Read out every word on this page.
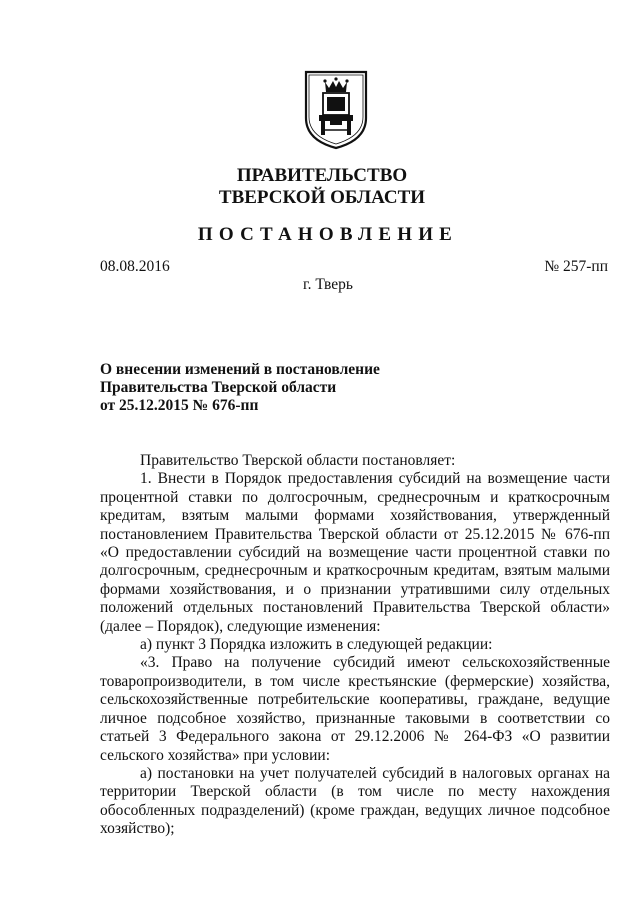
ПРАВИТЕЛЬСТВО
ТВЕРСКОЙ ОБЛАСТИ
ПОСТАНОВЛЕНИЕ
08.08.2016	№ 257-пп
г. Тверь
О внесении изменений в постановление
Правительства Тверской области
от 25.12.2015 № 676-пп

Правительство Тверской области постановляет:

1. Внести в Порядок предоставления субсидий на возмещение части процентной ставки по долгосрочным, среднесрочным и краткосрочным кредитам, взятым малыми формами хозяйствования, утвержденный постановлением Правительства Тверской области от 25.12.2015 № 676-пп «О предоставлении субсидий на возмещение части процентной ставки по долгосрочным, среднесрочным и краткосрочным кредитам, взятым малыми формами хозяйствования, и о признании утратившими силу отдельных положений отдельных постановлений Правительства Тверской области» (далее – Порядок), следующие изменения:

а) пункт 3 Порядка изложить в следующей редакции:

«3. Право на получение субсидий имеют сельскохозяйственные товаропроизводители, в том числе крестьянские (фермерские) хозяйства, сельскохозяйственные потребительские кооперативы, граждане, ведущие личное подсобное хозяйство, признанные таковыми в соответствии со статьей 3 Федерального закона от 29.12.2006 № 264-ФЗ «О развитии сельского хозяйства» при условии:

а) постановки на учет получателей субсидий в налоговых органах на территории Тверской области (в том числе по месту нахождения обособленных подразделений) (кроме граждан, ведущих личное подсобное хозяйство);
